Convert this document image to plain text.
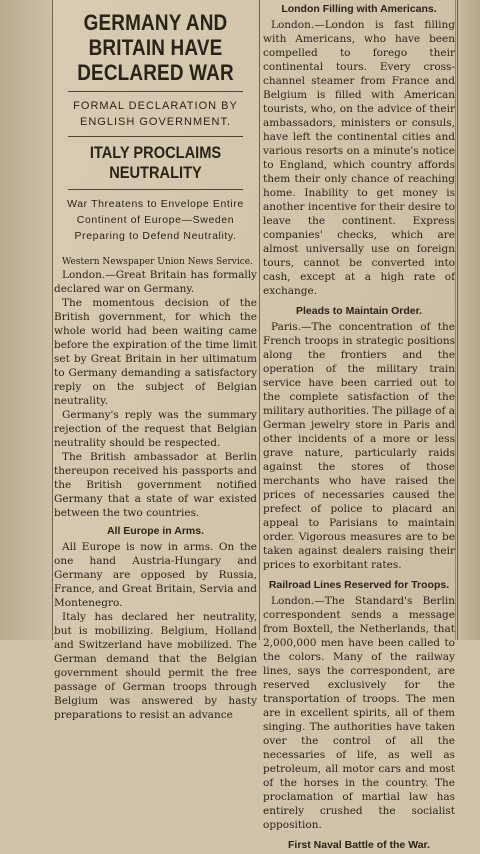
GERMANY AND BRITAIN HAVE DECLARED WAR
FORMAL DECLARATION BY ENGLISH GOVERNMENT.
ITALY PROCLAIMS NEUTRALITY
War Threatens to Envelope Entire Continent of Europe—Sweden Preparing to Defend Neutrality.
Western Newspaper Union News Service.

London.—Great Britain has formally declared war on Germany.

The momentous decision of the British government, for which the whole world had been waiting came before the expiration of the time limit set by Great Britain in her ultimatum to Germany demanding a satisfactory reply on the subject of Belgian neutrality.

Germany's reply was the summary rejection of the request that Belgian neutrality should be respected.

The British ambassador at Berlin thereupon received his passports and the British government notified Germany that a state of war existed between the two countries.

All Europe in Arms.

All Europe is now in arms. On the one hand Austria-Hungary and Germany are opposed by Russia, France, and Great Britain, Servia and Montenegro.

Italy has declared her neutrality, but is mobilizing. Belgium, Holland and Switzerland have mobilized. The German demand that the Belgian government should permit the free passage of German troops through Belgium was answered by hasty preparations to resist an advance

London Filling with Americans.

London.—London is fast filling with Americans, who have been compelled to forego their continental tours. Every cross-channel steamer from France and Belgium is filled with American tourists, who, on the advice of their ambassadors, ministers or consuls, have left the continental cities and various resorts on a minute's notice to England, which country affords them their only chance of reaching home. Inability to get money is another incentive for their desire to leave the continent. Express companies' checks, which are almost universally use on foreign tours, cannot be converted into cash, except at a high rate of exchange.

Pleads to Maintain Order.

Paris.—The concentration of the French troops in strategic positions along the frontiers and the operation of the military train service have been carried out to the complete satisfaction of the military authorities. The pillage of a German jewelry store in Paris and other incidents of a more or less grave nature, particularly raids against the stores of those merchants who have raised the prices of necessaries caused the prefect of police to placard an appeal to Parisians to maintain order. Vigorous measures are to be taken against dealers raising their prices to exorbitant rates.

Railroad Lines Reserved for Troops.

London.—The Standard's Berlin correspondent sends a message from Boxtell, the Netherlands, that 2,000,000 men have been called to the colors. Many of the railway lines, says the correspondent, are reserved exclusively for the transportation of troops. The men are in excellent spirits, all of them singing. The authorities have taken over the control of all the necessaries of life, as well as petroleum, all motor cars and most of the horses in the country. The proclamation of martial law has entirely crushed the socialist opposition.

First Naval Battle of the War.
